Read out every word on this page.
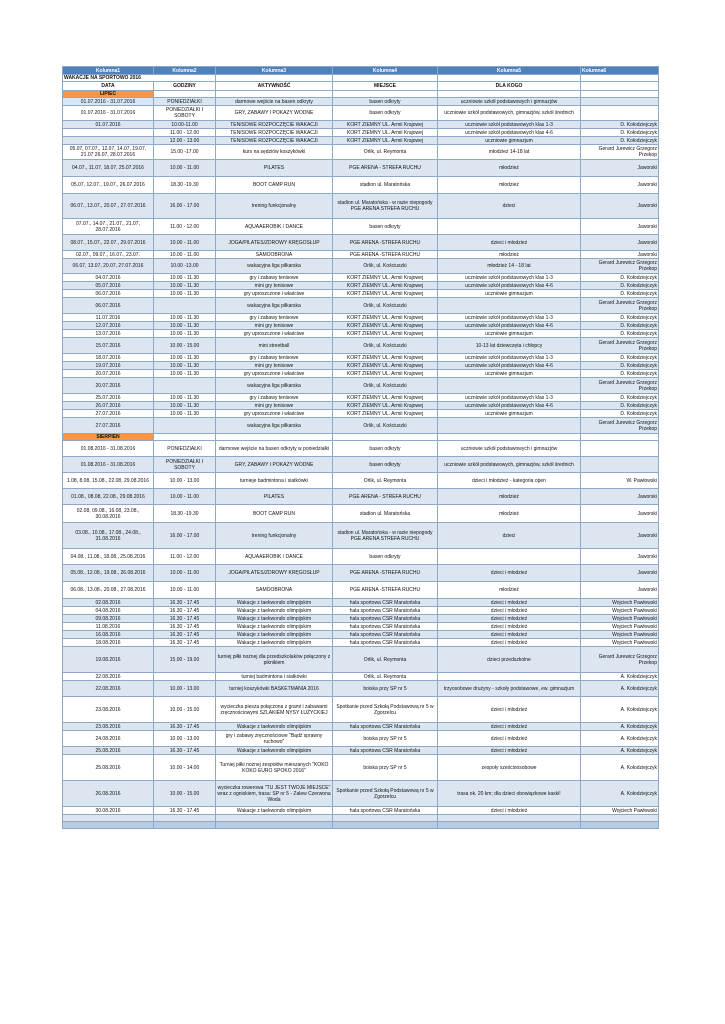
Kolumna1	Kolumna2	Kolumna3	Kolumna4	Kolumna5	Kolumna6
WAKACJE NA SPORTOWO 2016					
DATA	GODZINY	AKTYWNOŚĆ	MIEJSCE	DLA KOGO	
LIPIEC					
01.07.2016 - 31.07.2016	PONIEDZIAŁKI	darmowe wejście na basen odkryty	basen odkryty	uczniowie szkół podstawowych i gimnazjów	
01.07.2016 - 31.07.2016	PONIEDZIAŁKI I SOBOTY	GRY, ZABAWY I POKAZY WODNE	basen odkryty	uczniowie szkół podstawowych, gimnazjów, szkół średnich	
01.07.2016	10.00-11.00	TENISOWE ROZPOCZĘCIE WAKACJI	KORT ZIEMNY UL. Armii Krajowej	uczniowie szkół podstawowych klas 1-3	D. Kołodziejczyk
	11.00 - 12.00	TENISOWE ROZPOCZĘCIE WAKACJI	KORT ZIEMNY UL. Armii Krajowej	uczniowie szkół podstawowych klas 4-6	D. Kołodziejczyk
	12.00 - 13.00	TENISOWE ROZPOCZĘCIE WAKACJI	KORT ZIEMNY UL. Armii Krajowej	uczniowie gimnazjum	D. Kołodziejczyk
05.07, 07.07., 12.07, 14.07, 19.07, 21.07 26.07, 28.07.2016	15.00 -17.00	kurs na sędziów koszykówki	Orlik, ul. Reymonta	młodzież 14-18 lat	Gerard Jurewicz Grzegorz Przekop
04.07., 11.07, 18.07, 25.07.2016	10.00 - 11.00	PILATES	PGE ARENA - STREFA RUCHU	młodzież	Jaworski
05.07, 12.07., 19.07., 26.07.2016	18.30 -19.30	BOOT CAMP RUN	stadion ul. Maratońska	młodzież	Jaworski
06.07., 13.07., 20.07., 27.07.2016	16.00 - 17.00	trening funkcjonalny	stadion ul. Maratońska - w razie niepogody PGE ARENA STREFA RUCHU	dzieci	Jaworski
07.07., 14.07., 21.07., 21.07, 28.07.2016	11.00 - 12.00	AQUAAEROBIK / DANCE	basen odkryty		Jaworski
08.07., 15.07., 22.07., 29.07.2016	10.00 - 11.00	JOGA/PILATES/ZDROWY KRĘGOSŁUP	PGE ARENA -STREFA RUCHU	dzieci i młodzież	Jaworski
02.07., 09.07., 16.07., 23.07.	10.00 - 11.00	SAMOOBRONA	PGE ARENA -STREFA RUCHU	młodzież	Jaworski
06.07, 13.07, 20.07, 27.07.2016	10.00 -13.00	wakacyjna liga piłkarska	Orlik, ul. Kościuszki	młodzież 14 - 18 lat	Gerard Jurewicz Grzegorz Przekop
04.07.2016	10.00 - 11.30	gry i zabawy tenisowe	KORT ZIEMNY UL. Armii Krajowej	uczniowie szkół podstawowych klas 1-3	D. Kołodziejczyk
05.07.2016	10.00 - 11.30	mini gry tenisowe	KORT ZIEMNY UL. Armii Krajowej	uczniowie szkół podstawowych klas 4-6	D. Kołodziejczyk
06.07.2016	10.00 - 11.30	gry uproszczone i właściwe	KORT ZIEMNY UL. Armii Krajowej	uczniowie gimnazjum	D. Kołodziejczyk
06.07.2016		wakacyjna liga piłkarska	Orlik, ul. Kościuszki		Gerard Jurewicz Grzegorz Przekop
11.07.2016	10.00 - 11.30	gry i zabawy tenisowe	KORT ZIEMNY UL. Armii Krajowej	uczniowie szkół podstawowych klas 1-3	D. Kołodziejczyk
12.07.2016	10.00 - 11.30	mini gry tenisowe	KORT ZIEMNY UL. Armii Krajowej	uczniowie szkół podstawowych klas 4-6	D. Kołodziejczyk
13.07.2016	10.00 - 11.30	gry uproszczone i właściwe	KORT ZIEMNY UL. Armii Krajowej	uczniowie gimnazjum	D. Kołodziejczyk
15.07.2016	10.00 - 15.00	mini streetball	Orlik, ul. Kościuszki	10-13 lat dziewczęta i chłopcy	Gerard Jurewicz Grzegorz Przekop
18.07.2016	10.00 - 11.30	gry i zabawy tenisowe	KORT ZIEMNY UL. Armii Krajowej	uczniowie szkół podstawowych klas 1-3	D. Kołodziejczyk
19.07.2016	10.00 - 11.30	mini gry tenisowe	KORT ZIEMNY UL. Armii Krajowej	uczniowie szkół podstawowych klas 4-6	D. Kołodziejczyk
20.07.2016	10.00 - 11.30	gry uproszczone i właściwe	KORT ZIEMNY UL. Armii Krajowej	uczniowie gimnazjum	D. Kołodziejczyk
20.07.2016		wakacyjna liga piłkarska	Orlik, ul. Kościuszki		Gerard Jurewicz Grzegorz Przekop
25.07.2016	10.00 - 11.30	gry i zabawy tenisowe	KORT ZIEMNY UL. Armii Krajowej	uczniowie szkół podstawowych klas 1-3	D. Kołodziejczyk
26.07.2016	10.00 - 11.30	mini gry tenisowe	KORT ZIEMNY UL. Armii Krajowej	uczniowie szkół podstawowych klas 4-6	D. Kołodziejczyk
27.07.2016	10.00 - 11.30	gry uproszczone i właściwe	KORT ZIEMNY UL. Armii Krajowej	uczniowie gimnazjum	D. Kołodziejczyk
27.07.2016		wakacyjna liga piłkarska	Orlik, ul. Kościuszki		Gerard Jurewicz Grzegorz Przekop
SIERPIEŃ					
01.08.2016 - 31.08.2016	PONIEDZIAŁKI	darmowe wejście na basen odkryty w poniedziałki	basen odkryty	uczniowie szkół podstawowych i gimnazjów	
01.08.2016 - 31.08.2016	PONIEDZIAŁKI I SOBOTY	GRY, ZABAWY I POKAZY WODNE	basen odkryty	uczniowie szkół podstawowych, gimnazjów, szkół średnich	
1.08, 8.08, 15.08., 22.08, 29.08.2016	10.00 - 13.00	turnieje badmintona i siatkówki	Orlik, ul. Reymonta	dzieci i młodzież - kategoria open	W. Pawłowski
01.08., 08.08, 22.08., 29.08.2016	10.00 - 11.00	PILATES	PGE ARENA - STREFA RUCHU	młodzież	Jaworski
02.08, 09.08., 16.08, 23.08., 30.08.2016	18.30 -19.30	BOOT CAMP RUN	stadion ul. Maratońska	młodzież	Jaworski
03.08., 10.08., 17.08., 24.08., 31.08.2016	16.00 - 17.00	trening funkcjonalny	stadion ul. Maratońska - w razie niepogody PGE ARENA STREFA RUCHU	dzieci	Jaworski
04.08., 11.08., 18.08., 25.08.2016	11.00 - 12.00	AQUAAEROBIK / DANCE	basen odkryty		Jaworski
05.08., 12.08., 19.08., 26.08.2016	10.00 - 11.00	JOGA/PILATES/ZDROWY KRĘGOSŁUP	PGE ARENA -STREFA RUCHU	dzieci i młodzież	Jaworski
06.08., 13.08., 20.08., 27.08.2016	10.00 - 11.00	SAMOOBRONA	PGE ARENA -STREFA RUCHU	młodzież	Jaworski
02.08.2016	16.30 - 17.45	Wakacje z taekwondo olimpijskim	hala sportowa CSR Maratońska	dzieci i młodzież	Wojciech Pawłowski
04.08.2016	16.30 - 17.45	Wakacje z taekwondo olimpijskim	hala sportowa CSR Maratońska	dzieci i młodzież	Wojciech Pawłowski
09.08.2016	16.30 - 17.45	Wakacje z taekwondo olimpijskim	hala sportowa CSR Maratońska	dzieci i młodzież	Wojciech Pawłowski
11.08.2016	16.30 - 17.45	Wakacje z taekwondo olimpijskim	hala sportowa CSR Maratońska	dzieci i młodzież	Wojciech Pawłowski
16.08.2016	16.30 - 17.45	Wakacje z taekwondo olimpijskim	hala sportowa CSR Maratońska	dzieci i młodzież	Wojciech Pawłowski
18.08.2016	16.30 - 17.45	Wakacje z taekwondo olimpijskim	hala sportowa CSR Maratońska	dzieci i młodzież	Wojciech Pawłowski
19.08.2016	15.00 - 19.00	turniej piłki nożnej dla przedszkolaków połączony z piknikiem	Orlik, ul. Reymonta	dzieci przedszkolne	Gerard Jurewicz Grzegorz Przekop
22.08.2016		turniej badmintona i siatkówki	Orlik, ul. Reymonta		A. Kołodziejczyk
22.08.2016	10.00 - 13.00	turniej koszykówki BASKETMANIA 2016	boiska przy SP nr 5	trzyosobowe drużyny - szkoły podstawowe, ew. gimnazjum	A. Kołodziejczyk
23.08.2016	10.00 - 15.00	wycieczka piesza połączona z grami i zabawami zręcznościowymi SZLAKIEM NYSY ŁUŻYCKIEJ	Spotkanie przed Szkołą Podstawową nr 5 w Zgorzelcu	dzieci i młodzież	A. Kołodziejczyk
23.08.2016	16.30 - 17.45	Wakacje z taekwondo olimpijskim	hala sportowa CSR Maratońska	dzieci i młodzież	A. Kołodziejczyk
24.08.2016	10.00 - 13.00	gry i zabawy zręcznościowe "Bądź sprawny ruchowo"	boiska przy SP nr 5	dzieci i młodzież	A. Kołodziejczyk
25.08.2016	16.30 - 17.45	Wakacje z taekwondo olimpijskim	hala sportowa CSR Maratońska	dzieci i młodzież	A. Kołodziejczyk
25.08.2016	10.00 - 14.00	Turniej piłki nożnej zespołów mieszanych "KOKO KOKO EURO SPOKO 2016"	boiska przy SP nr 5	zespoły sześcioosobowe	A. Kołodziejczyk
26.08.2016	10.00 - 15.00	wycieczka rowerowa "TU JEST TWOJE MIEJSCE" wraz z ogniskiem, trasa: SP nr 5 - Zalew Czerwona Woda	Spotkanie przed Szkołą Podstawową nr 5 w Zgorzelcu	trasa ok. 20 km; dla dzieci obowiązkowe kaski!	A. Kołodziejczyk
30.08.2016	16.30 - 17.45	Wakacje z taekwondo olimpijskim	hala sportowa CSR Maratońska	dzieci i młodzież	Wojciech Pawłowski
